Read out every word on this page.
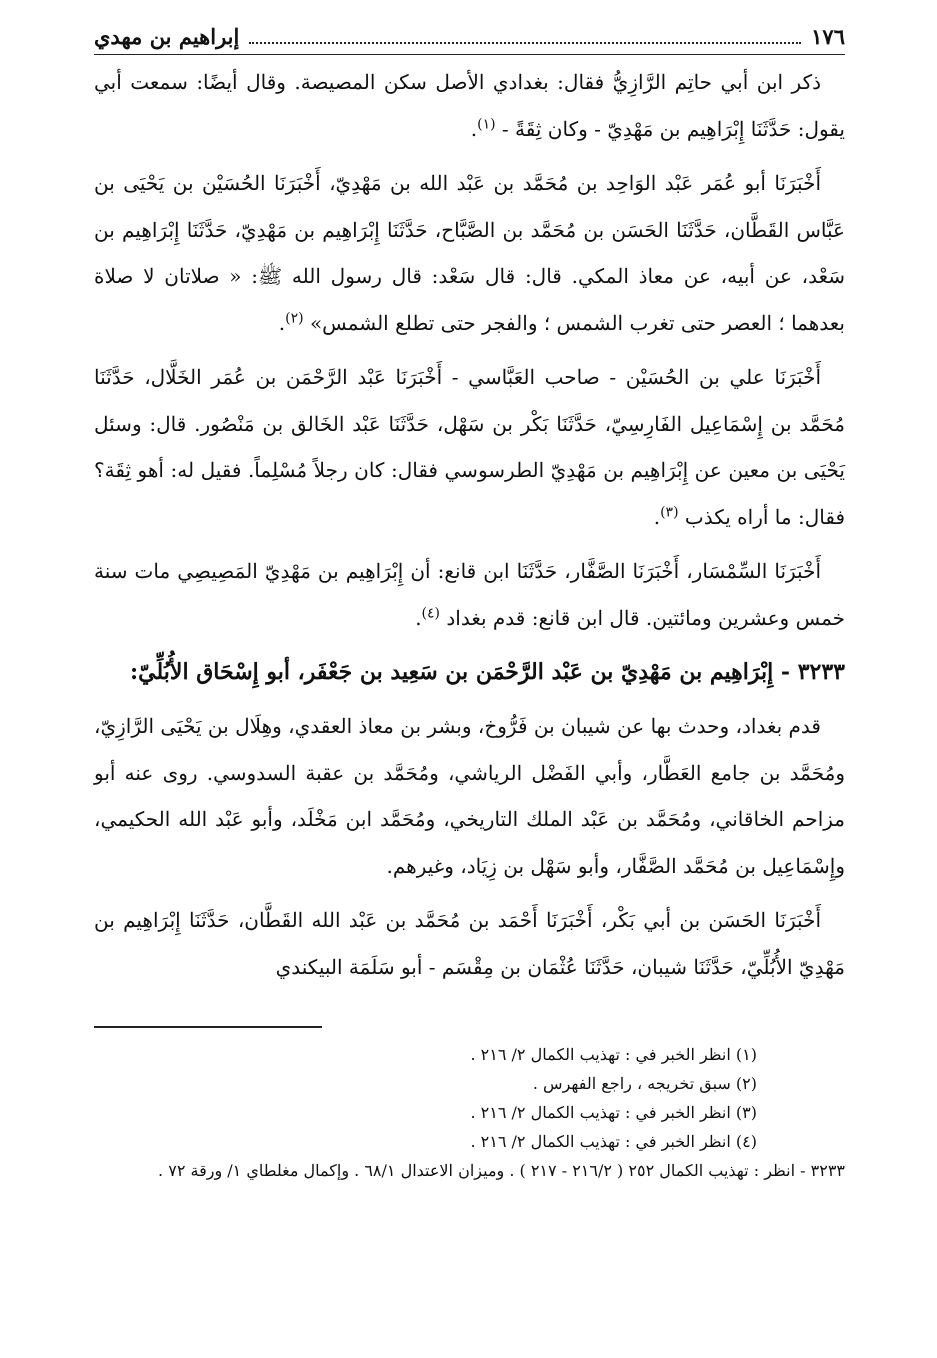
١٧٦
إبراهيم بن مهدي

ذكر ابن أبي حاتِم الرَّازِيُّ فقال: بغدادي الأصل سكن المصيصة. وقال أيضًا: سمعت أبي يقول: حَدَّثَنَا إِبْرَاهِيم بن مَهْدِيّ - وكان ثِقَةً - $^{(١)}$.

أَخْبَرَنَا أبو عُمَر عَبْد الوَاحِد بن مُحَمَّد بن عَبْد الله بن مَهْدِيّ، أَخْبَرَنَا الحُسَيْن بن يَحْيَى بن عَبَّاس القَطَّان، حَدَّثَنَا الحَسَن بن مُحَمَّد بن الصَّبَّاح، حَدَّثَنَا إِبْرَاهِيم بن مَهْدِيّ، حَدَّثَنَا إِبْرَاهِيم بن سَعْد، عن أبيه، عن معاذ المكي. قال: قال سَعْد: قال رسول الله ﷺ: « صلاتان لا صلاة بعدهما ؛ العصر حتى تغرب الشمس ؛ والفجر حتى تطلع الشمس» $^{(٢)}$.

أَخْبَرَنَا علي بن الحُسَيْن - صاحب العَبَّاسي - أَخْبَرَنَا عَبْد الرَّحْمَن بن عُمَر الخَلَّال، حَدَّثَنَا مُحَمَّد بن إِسْمَاعِيل الفَارِسِيّ، حَدَّثَنَا بَكْر بن سَهْل، حَدَّثَنَا عَبْد الخَالق بن مَنْصُور. قال: وسئل يَحْيَى بن معين عن إِبْرَاهِيم بن مَهْدِيّ الطرسوسي فقال: كان رجلاً مُسْلِماً. فقيل له: أهو ثِقَة؟ فقال: ما أراه يكذب $^{(٣)}$.

أَخْبَرَنَا السِّمْسَار، أَخْبَرَنَا الصَّفَّار، حَدَّثَنَا ابن قانع: أن إِبْرَاهِيم بن مَهْدِيّ المَصِيصِي مات سنة خمس وعشرين ومائتين. قال ابن قانع: قدم بغداد $^{(٤)}$.

٣٢٣٣ - إِبْرَاهِيم بن مَهْدِيّ بن عَبْد الرَّحْمَن بن سَعِيد بن جَعْفَر، أبو إِسْحَاق الأُبُلِّيّ:

قدم بغداد، وحدث بها عن شيبان بن فَرُّوخ، وبشر بن معاذ العقدي، وهِلَال بن يَحْيَى الرَّازِيّ، ومُحَمَّد بن جامع العَطَّار، وأبي الفَضْل الرياشي، ومُحَمَّد بن عقبة السدوسي. روى عنه أبو مزاحم الخاقاني، ومُحَمَّد بن عَبْد الملك التاريخي، ومُحَمَّد ابن مَخْلَد، وأبو عَبْد الله الحكيمي، وإِسْمَاعِيل بن مُحَمَّد الصَّفَّار، وأبو سَهْل بن زِيَاد، وغيرهم.

أَخْبَرَنَا الحَسَن بن أبي بَكْر، أَخْبَرَنَا أَحْمَد بن مُحَمَّد بن عَبْد الله القَطَّان، حَدَّثَنَا إِبْرَاهِيم بن مَهْدِيّ الأُبُلِّيّ، حَدَّثَنَا شيبان، حَدَّثَنَا عُثْمَان بن مِقْسَم - أبو سَلَمَة البيكندي

(١) انظر الخبر في : تهذيب الكمال ٢/ ٢١٦ .
(٢) سبق تخريجه ، راجع الفهرس .
(٣) انظر الخبر في : تهذيب الكمال ٢/ ٢١٦ .
(٤) انظر الخبر في : تهذيب الكمال ٢/ ٢١٦ .
٣٢٣٣ - انظر : تهذيب الكمال ٢٥٢ ( ٢١٦/٢ - ٢١٧ ) . وميزان الاعتدال ٦٨/١ . وإكمال مغلطاي ١/ ورقة ٧٢ .
